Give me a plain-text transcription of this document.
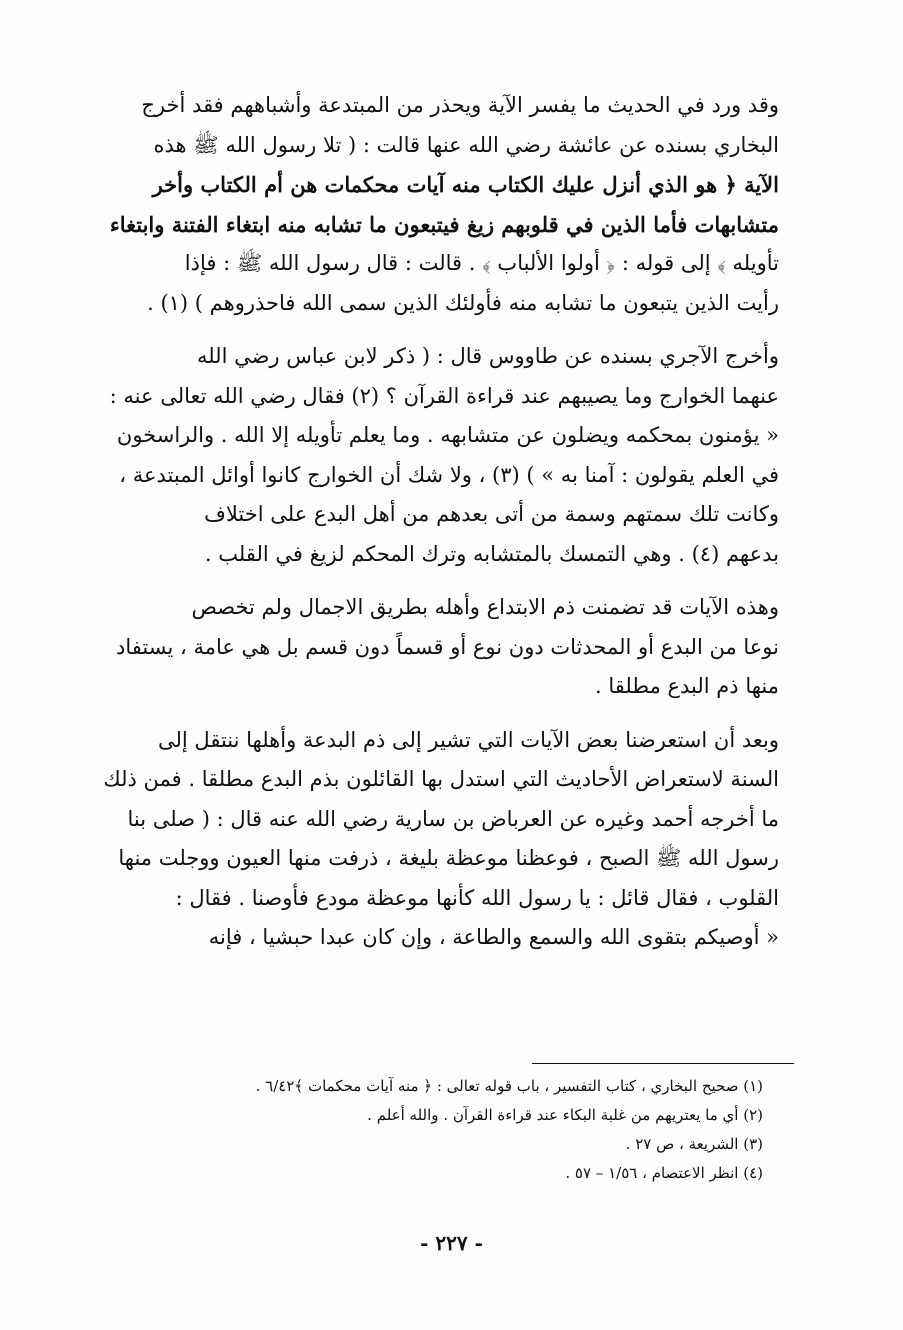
وقد ورد في الحديث ما يفسر الآية ويحذر من المبتدعة وأشباههم فقد أخرج
البخاري بسنده عن عائشة رضي الله عنها قالت : ( تلا رسول الله ﷺ هذه
الآية ﴿ هو الذي أنزل عليك الكتاب منه آيات محكمات هن أم الكتاب وأخر
متشابهات فأما الذين في قلوبهم زيغ فيتبعون ما تشابه منه ابتغاء الفتنة وابتغاء
تأويله ﴾ إلى قوله : ﴿ أولوا الألباب ﴾ . قالت : قال رسول الله ﷺ : فإذا
رأيت الذين يتبعون ما تشابه منه فأولئك الذين سمى الله فاحذروهم ) (١) .
وأخرج الآجري بسنده عن طاووس قال : ( ذكر لابن عباس رضي الله
عنهما الخوارج وما يصيبهم عند قراءة القرآن ؟ (٢) فقال رضي الله تعالى عنه :
« يؤمنون بمحكمه ويضلون عن متشابهه . وما يعلم تأويله إلا الله . والراسخون
في العلم يقولون : آمنا به » ) (٣) ، ولا شك أن الخوارج كانوا أوائل المبتدعة ،
وكانت تلك سمتهم وسمة من أتى بعدهم من أهل البدع على اختلاف
بدعهم (٤) . وهي التمسك بالمتشابه وترك المحكم لزيغ في القلب .
وهذه الآيات قد تضمنت ذم الابتداع وأهله بطريق الاجمال ولم تخصص
نوعا من البدع أو المحدثات دون نوع أو قسماً دون قسم بل هي عامة ، يستفاد
منها ذم البدع مطلقا .
وبعد أن استعرضنا بعض الآيات التي تشير إلى ذم البدعة وأهلها ننتقل إلى
السنة لاستعراض الأحاديث التي استدل بها القائلون بذم البدع مطلقا . فمن ذلك
ما أخرجه أحمد وغيره عن العرباض بن سارية رضي الله عنه قال : ( صلى بنا
رسول الله ﷺ الصبح ، فوعظنا موعظة بليغة ، ذرفت منها العيون ووجلت منها
القلوب ، فقال قائل : يا رسول الله كأنها موعظة مودع فأوصنا . فقال :
« أوصيكم بتقوى الله والسمع والطاعة ، وإن كان عبدا حبشيا ، فإنه
(١) صحيح البخاري ، كتاب التفسير ، باب قوله تعالى : ﴿ منه آيات محكمات ﴾٦/٤٢ .
(٢) أي ما يعتريهم من غلبة البكاء عند قراءة القرآن . والله أعلم .
(٣) الشريعة ، ص ٢٧ .
(٤) انظر الاعتصام ، ١/٥٦ – ٥٧ .
- ٢٢٧ -
